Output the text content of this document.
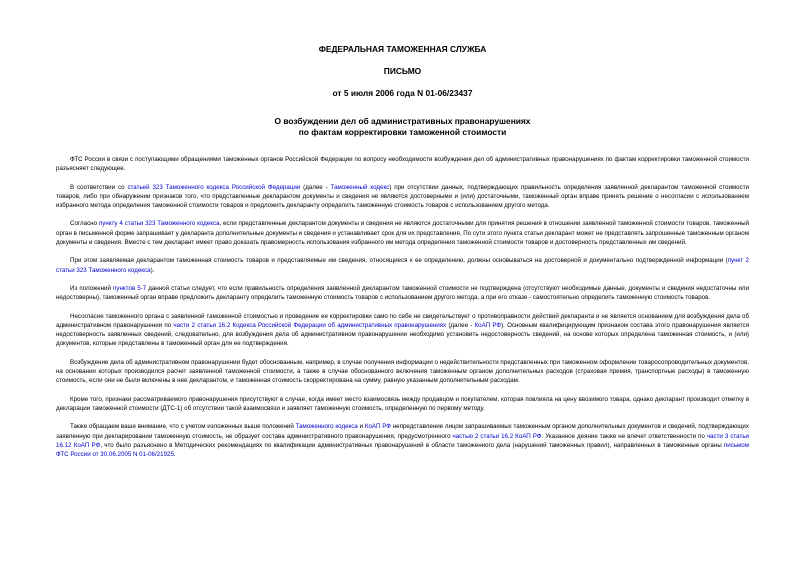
ФЕДЕРАЛЬНАЯ ТАМОЖЕННАЯ СЛУЖБА
ПИСЬМО
от 5 июля 2006 года N 01-06/23437
О возбуждении дел об административных правонарушениях
по фактам корректировки таможенной стоимости

ФТС России в связи с поступающими обращениями таможенных органов Российской Федерации по вопросу необходимости возбуждения дел об административных правонарушениях по фактам корректировки таможенной стоимости разъясняет следующее.

В соответствии со статьей 323 Таможенного кодекса Российской Федерации (далее - Таможенный кодекс) при отсутствии данных, подтверждающих правильность определения заявленной декларантом таможенной стоимости товаров, либо при обнаружении признаков того, что представленные декларантом документы и сведения не являются достоверными и (или) достаточными, таможенный орган вправе принять решение о несогласии с использованием избранного метода определения таможенной стоимости товаров и предложить декларанту определить таможенную стоимость товаров с использованием другого метода.

Согласно пункту 4 статьи 323 Таможенного кодекса, если представленные декларантом документы и сведения не являются достаточными для принятия решения в отношении заявленной таможенной стоимости товаров, таможенный орган в письменной форме запрашивает у декларанта дополнительные документы и сведения и устанавливает срок для их представления. По сути этого пункта статьи декларант может не представлять запрошенные таможенным органом документы и сведения. Вместе с тем декларант имеет право доказать правомерность использования избранного им метода определения таможенной стоимости товаров и достоверность представленных им сведений.

При этом заявляемая декларантом таможенная стоимость товаров и представляемые им сведения, относящиеся к ее определению, должны основываться на достоверной и документально подтвержденной информации (пункт 2 статьи 323 Таможенного кодекса).

Из положений пунктов 5-7 данной статьи следует, что если правильность определения заявленной декларантом таможенной стоимости не подтверждена (отсутствуют необходимые данные, документы и сведения недостаточны или недостоверны), таможенный орган вправе предложить декларанту определить таможенную стоимость товаров с использованием другого метода, а при его отказе - самостоятельно определить таможенную стоимость товаров.

Несогласие таможенного органа с заявленной таможенной стоимостью и проведение ее корректировки само по себе не свидетельствует о противоправности действий декларанта и не является основанием для возбуждения дела об административном правонарушении по части 2 статьи 16.2 Кодекса Российской Федерации об административных правонарушениях (далее - КоАП РФ). Основным квалифицирующим признаком состава этого правонарушения является недостоверность заявленных сведений, следовательно, для возбуждения дела об административном правонарушении необходимо установить недостоверность сведений, на основе которых определена таможенная стоимость, и (или) документов, которые представлены в таможенный орган для ее подтверждения.

Возбуждение дела об административном правонарушении будет обоснованным, например, в случае получения информации о недействительности представленных при таможенном оформлении товаросопроводительных документов, на основании которых производился расчет заявленной таможенной стоимости, а также в случае обоснованного включения таможенным органом дополнительных расходов (страховая премия, транспортные расходы) в таможенную стоимость, если они не были включены в нее декларантом, и таможенная стоимость скорректирована на сумму, равную указанным дополнительным расходам.

Кроме того, признаки рассматриваемого правонарушения присутствуют в случае, когда имеет место взаимосвязь между продавцом и покупателем, которая повлияла на цену ввозимого товара, однако декларант производит отметку в декларации таможенной стоимости (ДТС-1) об отсутствии такой взаимосвязи и заявляет таможенную стоимость, определенную по первому методу.

Также обращаем ваше внимание, что с учетом изложенных выше положений Таможенного кодекса и КоАП РФ непредставление лицом запрашиваемых таможенным органом дополнительных документов и сведений, подтверждающих заявленную при декларировании таможенную стоимость, не образует состава административного правонарушения, предусмотренного частью 2 статьи 16.2 КоАП РФ. Указанное деяние также не влечет ответственности по части 3 статьи 16.12 КоАП РФ, что было разъяснено в Методических рекомендациях по квалификации административных правонарушений в области таможенного дела (нарушений таможенных правил), направленных в таможенные органы письмом ФТС России от 30.06.2005 N 01-06/21925.
